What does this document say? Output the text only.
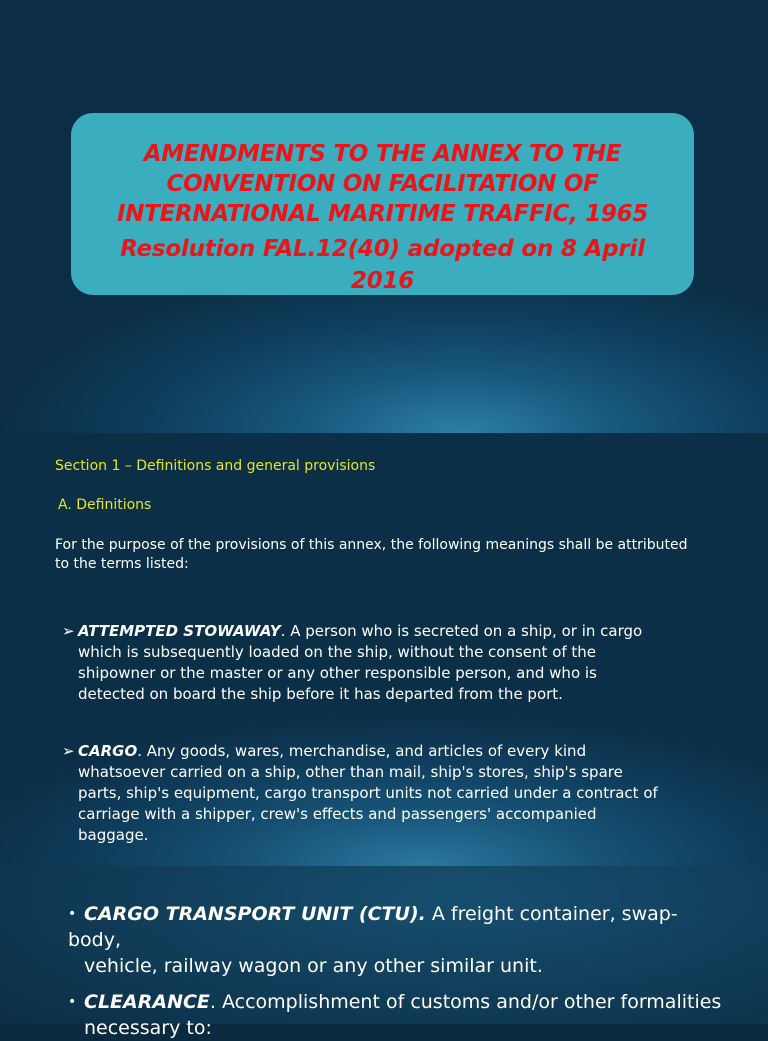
AMENDMENTS TO THE ANNEX TO THE
CONVENTION ON FACILITATION OF
INTERNATIONAL MARITIME TRAFFIC, 1965

Resolution FAL.12(40) adopted on 8 April 2016

Section 1 – Definitions and general provisions

A. Definitions

For the purpose of the provisions of this annex, the following meanings shall be attributed
to the terms listed:

➢ ATTEMPTED STOWAWAY. A person who is secreted on a ship, or in cargo
which is subsequently loaded on the ship, without the consent of the
shipowner or the master or any other responsible person, and who is
detected on board the ship before it has departed from the port.

➢ CARGO. Any goods, wares, merchandise, and articles of every kind
whatsoever carried on a ship, other than mail, ship's stores, ship's spare
parts, ship's equipment, cargo transport units not carried under a contract of
carriage with a shipper, crew's effects and passengers' accompanied
baggage.

• CARGO TRANSPORT UNIT (CTU). A freight container, swap-body,
vehicle, railway wagon or any other similar unit.

• CLEARANCE. Accomplishment of customs and/or other formalities
necessary to:
